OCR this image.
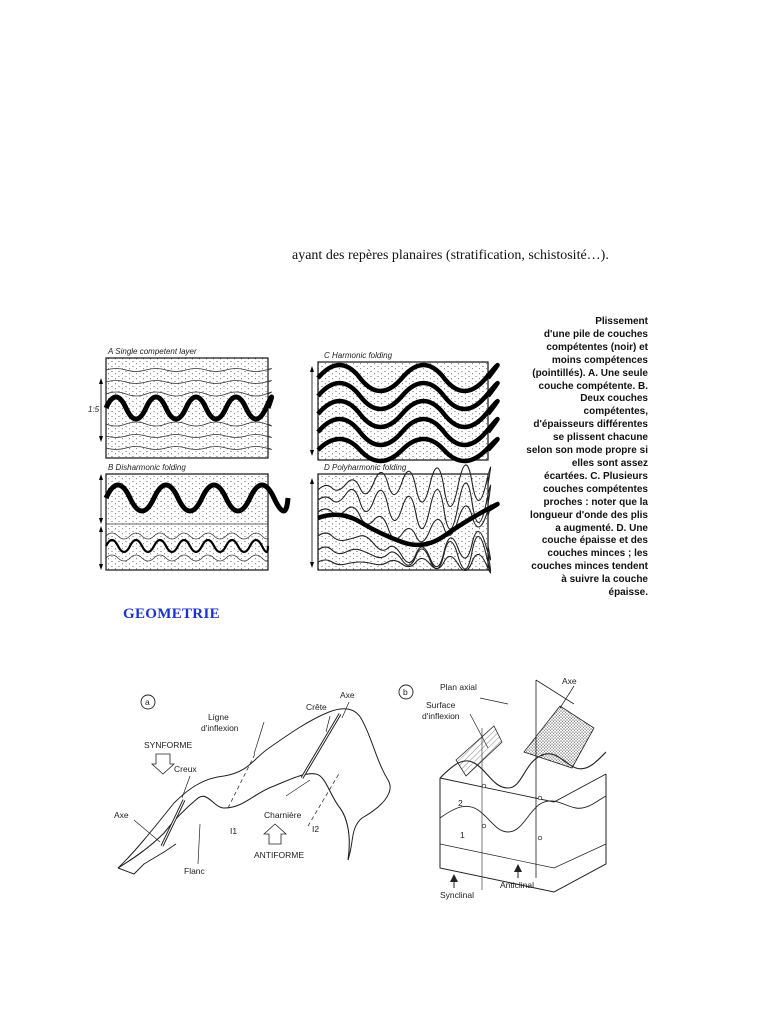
ayant des repères planaires (stratification, schistosité…).
A Single competent layer
1:5
C Harmonic folding
B Disharmonic folding	D Polyharmonic folding
Plissement
d'une pile de couches
compétentes (noir) et
moins compétences
(pointillés). A. Une seule
couche compétente. B.
Deux couches
compétentes,
d'épaisseurs différentes
se plissent chacune
selon son mode propre si
elles sont assez
écartées. C. Plusieurs
couches compétentes
proches : noter que la
longueur d'onde des plis
a augmenté. D. Une
couche épaisse et des
couches minces ; les
couches minces tendent
à suivre la couche
épaisse.
GEOMETRIE
a
Ligne
d'inflexion
Crête
Axe
SYNFORME
Creux
Axe	Charnière
I1	I2
ANTIFORME
Flanc
b	Plan axial
Axe
Surface
d'inflexion
2
1
Synclinal
Anticlinal
